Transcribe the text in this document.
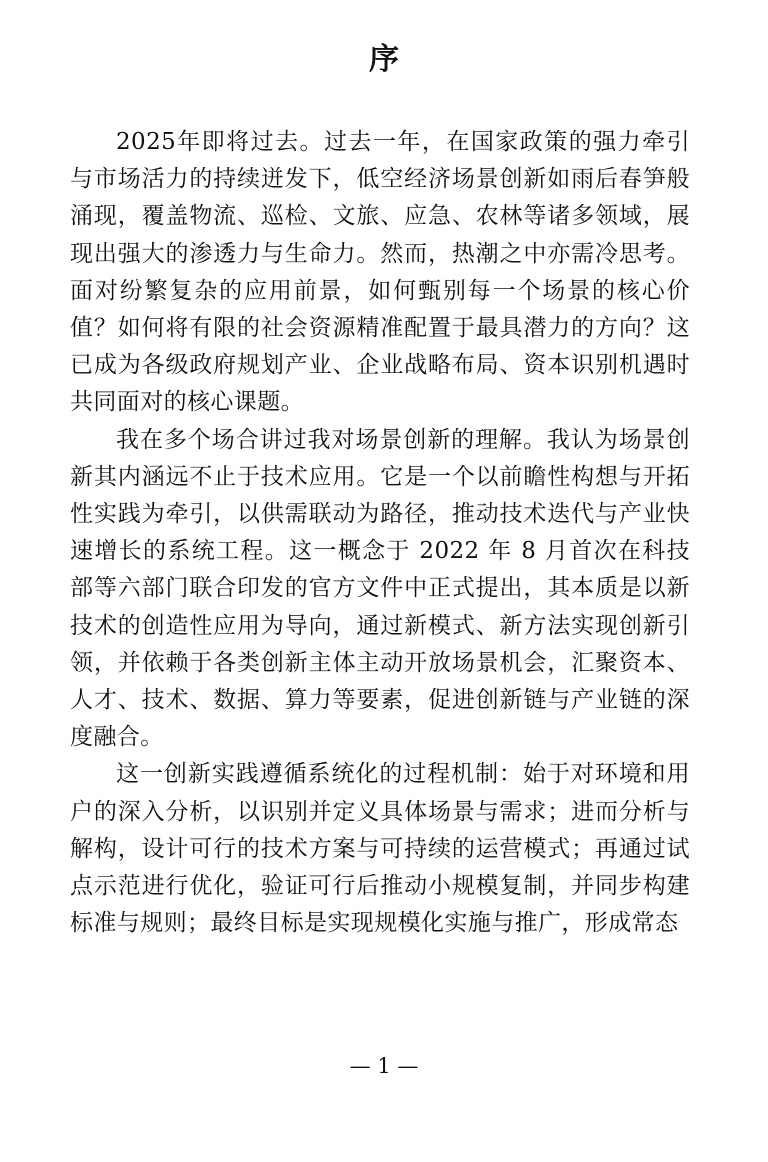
序

2025年即将过去。过去一年，在国家政策的强力牵引与市场活力的持续迸发下，低空经济场景创新如雨后春笋般涌现，覆盖物流、巡检、文旅、应急、农林等诸多领域，展现出强大的渗透力与生命力。然而，热潮之中亦需冷思考。面对纷繁复杂的应用前景，如何甄别每一个场景的核心价值？如何将有限的社会资源精准配置于最具潜力的方向？这已成为各级政府规划产业、企业战略布局、资本识别机遇时共同面对的核心课题。

我在多个场合讲过我对场景创新的理解。我认为场景创新其内涵远不止于技术应用。它是一个以前瞻性构想与开拓性实践为牵引，以供需联动为路径，推动技术迭代与产业快速增长的系统工程。这一概念于 2022 年 8 月首次在科技部等六部门联合印发的官方文件中正式提出，其本质是以新技术的创造性应用为导向，通过新模式、新方法实现创新引领，并依赖于各类创新主体主动开放场景机会，汇聚资本、人才、技术、数据、算力等要素，促进创新链与产业链的深度融合。

这一创新实践遵循系统化的过程机制：始于对环境和用户的深入分析，以识别并定义具体场景与需求；进而分析与解构，设计可行的技术方案与可持续的运营模式；再通过试点示范进行优化，验证可行后推动小规模复制，并同步构建标准与规则；最终目标是实现规模化实施与推广，形成常态

— 1 —
